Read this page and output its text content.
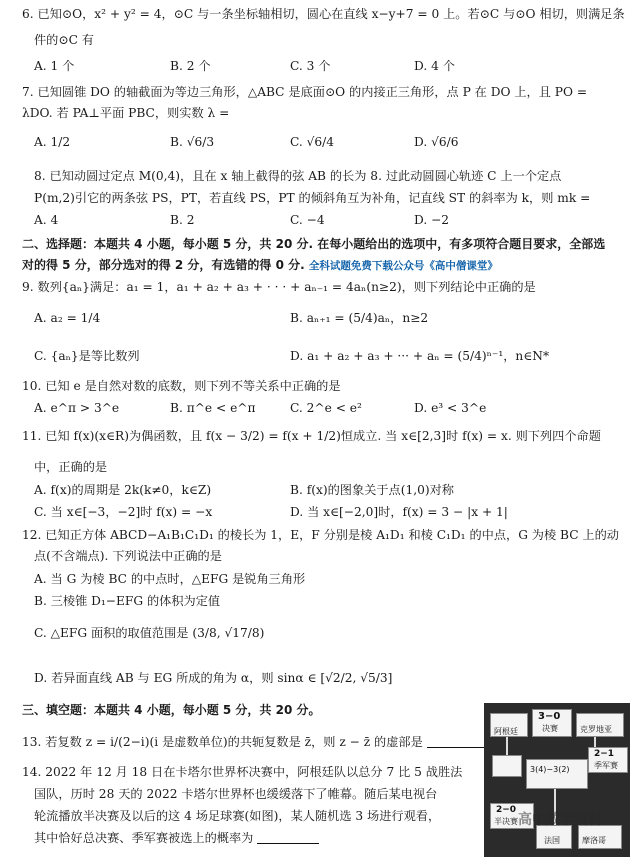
6. 已知⊙O，x² + y² = 4，⊙C 与一条坐标轴相切，圆心在直线 x−y+7 = 0 上。若⊙C 与⊙O 相切，则满足条
件的⊙C 有
A. 1 个	B. 2 个	C. 3 个	D. 4 个
7. 已知圆锥 DO 的轴截面为等边三角形，△ABC 是底面⊙O 的内接正三角形，点 P 在 DO 上，且 PO =
λDO. 若 PA⊥平面 PBC，则实数 λ =
A. 1/2	B. √6/3	C. √6/4	D. √6/6
8. 已知动圆过定点 M(0,4)，且在 x 轴上截得的弦 AB 的长为 8. 过此动圆圆心轨迹 C 上一个定点
P(m,2)引它的两条弦 PS，PT，若直线 PS，PT 的倾斜角互为补角，记直线 ST 的斜率为 k，则 mk =
A. 4	B. 2	C. −4	D. −2
二、选择题：本题共 4 小题，每小题 5 分，共 20 分. 在每小题给出的选项中，有多项符合题目要求，全部选
对的得 5 分，部分选对的得 2 分，有选错的得 0 分. 全科试题免费下载公众号《高中僧课堂》
9. 数列{aₙ}满足：a₁ = 1，a₁ + a₂ + a₃ + · · · + aₙ₋₁ = 4aₙ(n≥2)，则下列结论中正确的是
A. a₂ = 1/4	B. aₙ₊₁ = (5/4)aₙ，n≥2
C. {aₙ}是等比数列	D. a₁ + a₂ + a₃ + ··· + aₙ = (5/4)ⁿ⁻¹，n∈N*
10. 已知 e 是自然对数的底数，则下列不等关系中正确的是
A. e^π > 3^e	B. π^e < e^π	C. 2^e < e²	D. e³ < 3^e
11. 已知 f(x)(x∈R)为偶函数，且 f(x − 3/2) = f(x + 1/2)恒成立. 当 x∈[2,3]时 f(x) = x. 则下列四个命题
中，正确的是
A. f(x)的周期是 2k(k≠0，k∈Z)	B. f(x)的图象关于点(1,0)对称
C. 当 x∈[−3，−2]时 f(x) = −x	D. 当 x∈[−2,0]时，f(x) = 3 − |x + 1|
12. 已知正方体 ABCD−A₁B₁C₁D₁ 的棱长为 1，E，F 分别是棱 A₁D₁ 和棱 C₁D₁ 的中点，G 为棱 BC 上的动
点(不含端点). 下列说法中正确的是
A. 当 G 为棱 BC 的中点时，△EFG 是锐角三角形
B. 三棱锥 D₁−EFG 的体积为定值
C. △EFG 面积的取值范围是 (3/8, √17/8)
D. 若异面直线 AB 与 EG 所成的角为 α，则 sinα ∈ [√2/2, √5/3]
三、填空题：本题共 4 小题，每小题 5 分，共 20 分。
13. 若复数 z = i/(2−i)(i 是虚数单位)的共轭复数是 z̄，则 z − z̄ 的虚部是
14. 2022 年 12 月 18 日在卡塔尔世界杯决赛中，阿根廷队以总分 7 比 5 战胜法
国队，历时 28 天的 2022 卡塔尔世界杯也缓缓落下了帷幕。随后某电视台
轮流播放半决赛及以后的这 4 场足球赛(如图)，某人随机选 3 场进行观看，
其中恰好总决赛、季军赛被选上的概率为
阿根廷
3−0
决赛	克罗地亚
3(4)−3(2)
2−1
季军赛
2−0
半决赛
法国	摩洛哥
高中数学资料
